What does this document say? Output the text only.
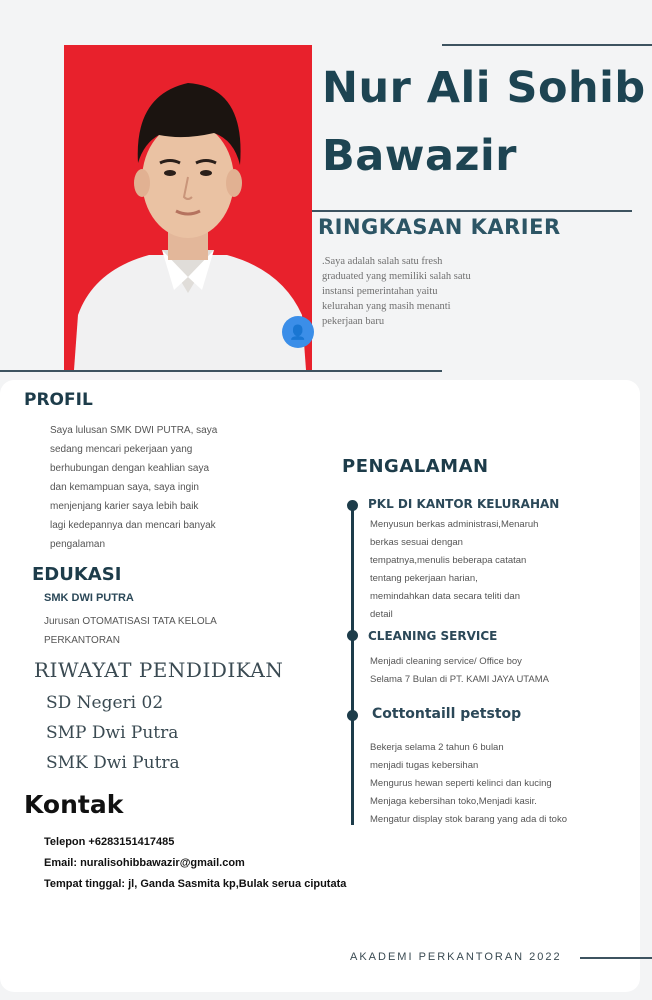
Nur Ali Sohib
Bawazir
RINGKASAN KARIER

.Saya adalah salah satu fresh

graduated yang memiliki salah satu

instansi pemerintahan yaitu

kelurahan yang masih menanti

pekerjaan baru

👤
PROFIL

Saya lulusan SMK DWI PUTRA, saya

sedang mencari pekerjaan yang

berhubungan dengan keahlian saya

dan kemampuan saya, saya ingin

menjenjang karier saya lebih baik

lagi kedepannya dan mencari banyak

pengalaman

EDUKASI
SMK DWI PUTRA

Jurusan OTOMATISASI TATA KELOLA

PERKANTORAN

RIWAYAT PENDIDIKAN
SD Negeri 02
SMP Dwi Putra
SMK Dwi Putra
Kontak
Telepon +6283151417485
Email: nuralisohibbawazir@gmail.com
Tempat tinggal: jl, Ganda Sasmita kp,Bulak serua ciputata
PENGALAMAN
PKL DI KANTOR KELURAHAN

Menyusun berkas administrasi,Menaruh

berkas sesuai dengan

tempatnya,menulis beberapa catatan

tentang pekerjaan harian,

memindahkan data secara teliti dan

detail

CLEANING SERVICE

Menjadi cleaning service/ Office boy

Selama 7 Bulan di PT. KAMI JAYA UTAMA

Cottontaill petstop

Bekerja selama 2 tahun 6 bulan

menjadi tugas kebersihan

Mengurus hewan seperti kelinci dan kucing

Menjaga kebersihan toko,Menjadi kasir.

Mengatur display stok barang yang ada di toko

AKADEMI PERKANTORAN 2022
